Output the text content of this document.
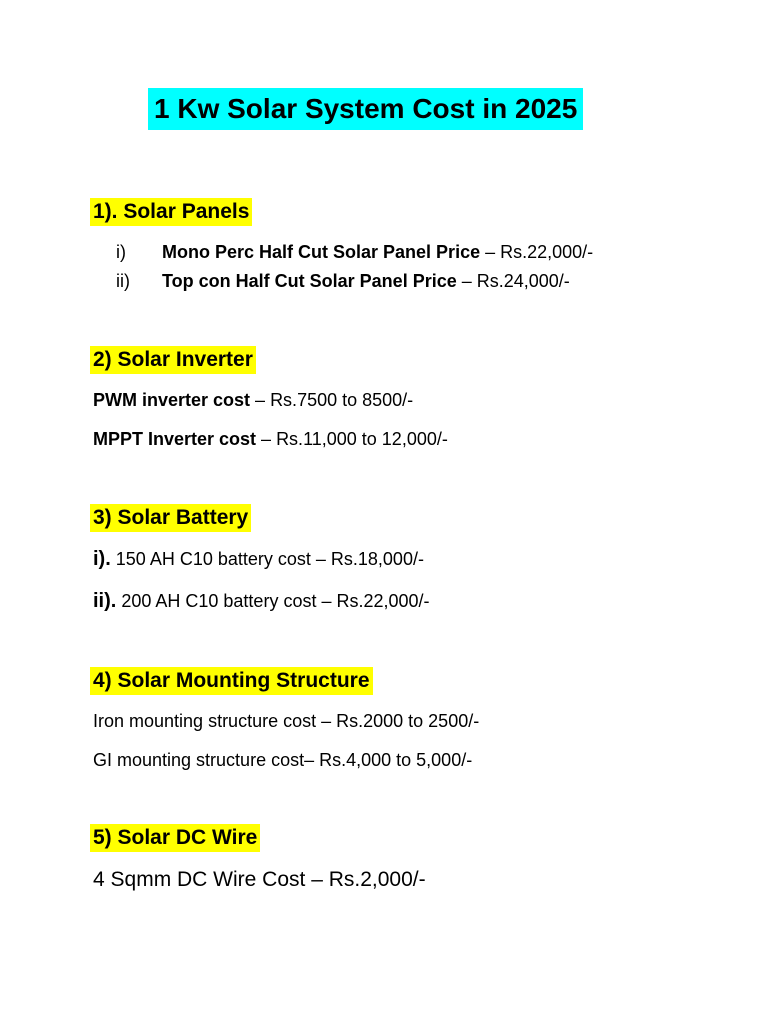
1 Kw Solar System Cost in 2025
1). Solar Panels
i) Mono Perc Half Cut Solar Panel Price – Rs.22,000/-
ii) Top con Half Cut Solar Panel Price – Rs.24,000/-
2) Solar Inverter
PWM inverter cost – Rs.7500 to 8500/-
MPPT Inverter cost – Rs.11,000 to 12,000/-
3) Solar Battery
i). 150 AH C10 battery cost – Rs.18,000/-
ii). 200 AH C10 battery cost – Rs.22,000/-
4) Solar Mounting Structure
Iron mounting structure cost – Rs.2000 to 2500/-
GI mounting structure cost– Rs.4,000 to 5,000/-
5) Solar DC Wire
4 Sqmm DC Wire Cost – Rs.2,000/-
